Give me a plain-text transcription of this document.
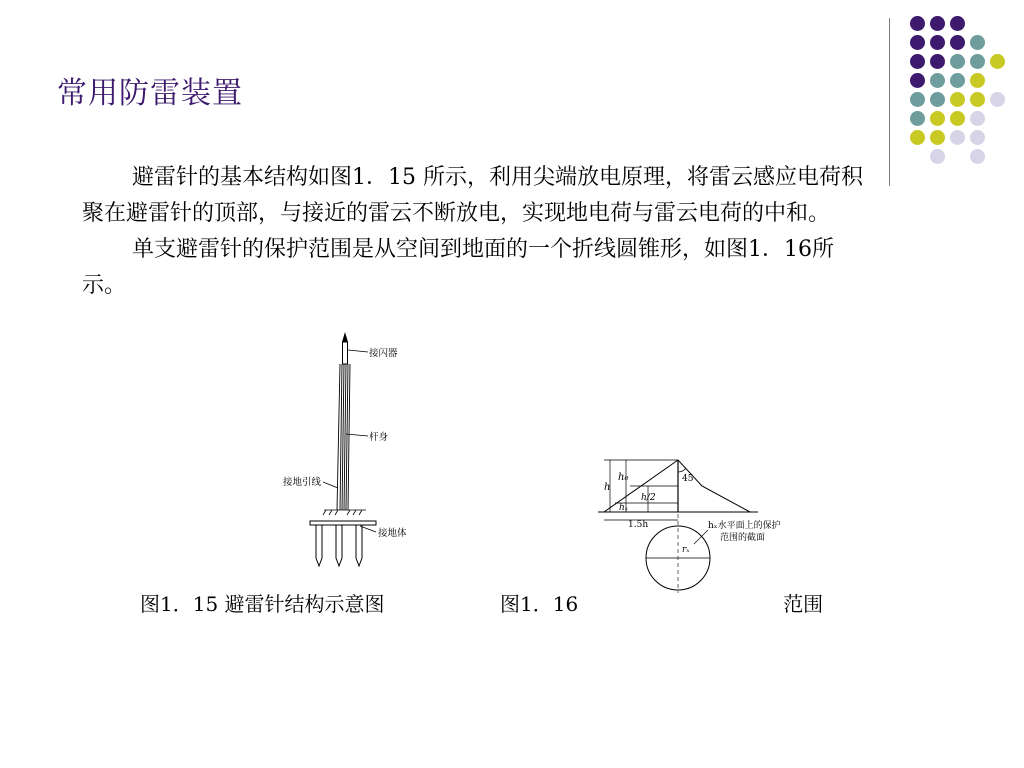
常用防雷装置

避雷针的基本结构如图1．15 所示，利用尖端放电原理，将雷云感应电荷积聚在避雷针的顶部，与接近的雷云不断放电，实现地电荷与雷云电荷的中和。

单支避雷针的保护范围是从空间到地面的一个折线圆锥形，如图1．16所示。

接闪器
杆身
接地引线
接地体
h
h₀
h/2
hₓ
45
1.5h
rₓ
hₓ水平面上的保护
范围的截面
图1．15 避雷针结构示意图	图1．16	范围
